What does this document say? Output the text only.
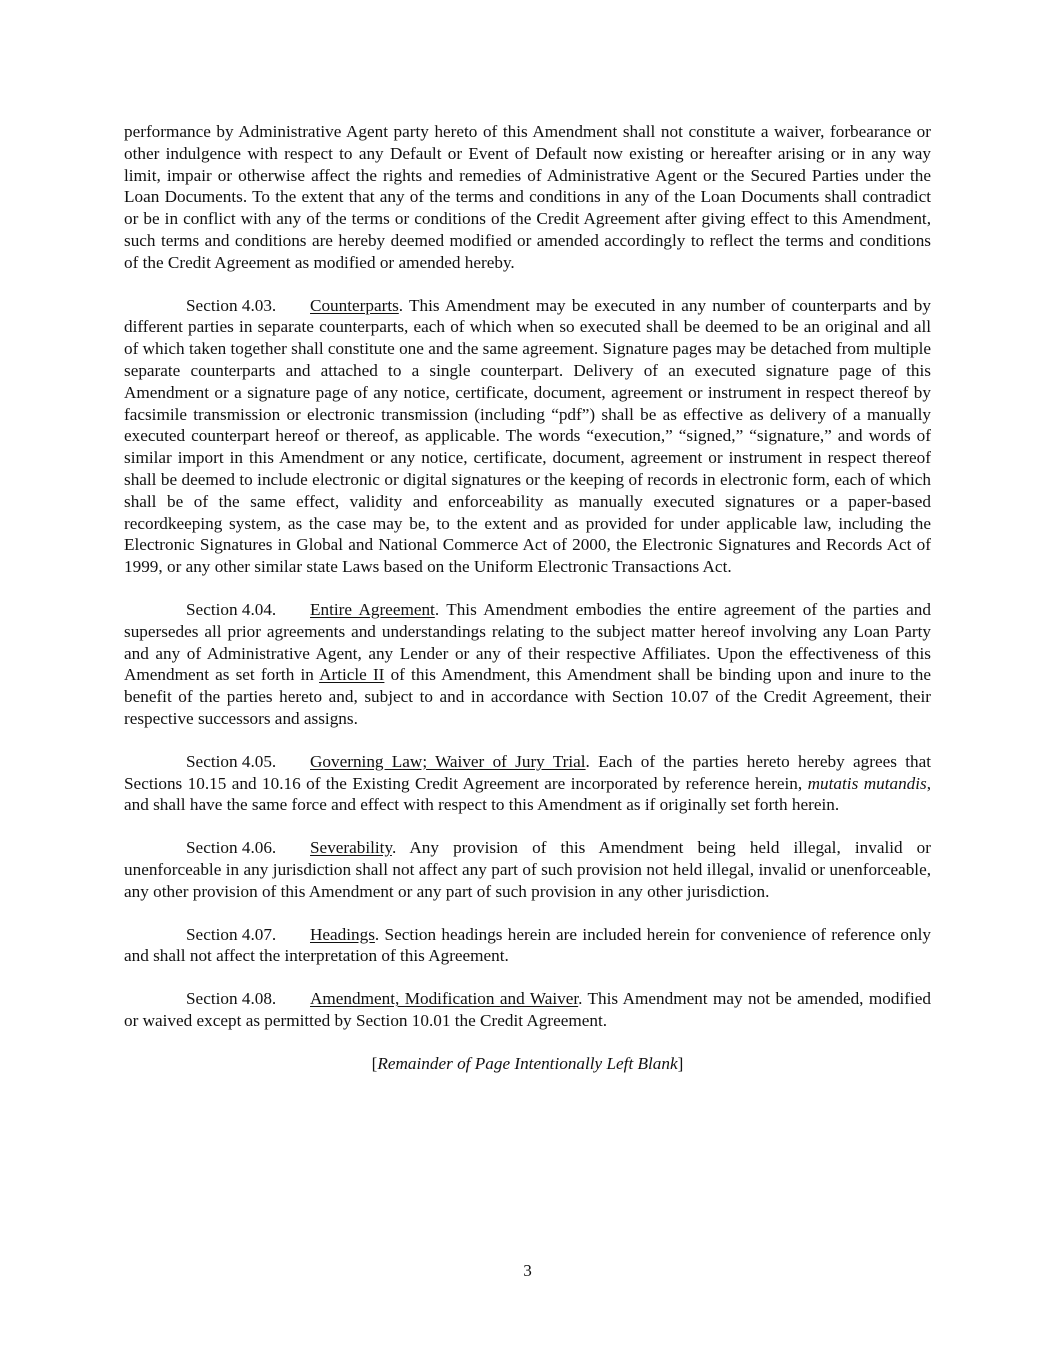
performance by Administrative Agent party hereto of this Amendment shall not constitute a waiver, forbearance or other indulgence with respect to any Default or Event of Default now existing or hereafter arising or in any way limit, impair or otherwise affect the rights and remedies of Administrative Agent or the Secured Parties under the Loan Documents. To the extent that any of the terms and conditions in any of the Loan Documents shall contradict or be in conflict with any of the terms or conditions of the Credit Agreement after giving effect to this Amendment, such terms and conditions are hereby deemed modified or amended accordingly to reflect the terms and conditions of the Credit Agreement as modified or amended hereby.

Section 4.03. Counterparts. This Amendment may be executed in any number of counterparts and by different parties in separate counterparts, each of which when so executed shall be deemed to be an original and all of which taken together shall constitute one and the same agreement. Signature pages may be detached from multiple separate counterparts and attached to a single counterpart. Delivery of an executed signature page of this Amendment or a signature page of any notice, certificate, document, agreement or instrument in respect thereof by facsimile transmission or electronic transmission (including “pdf”) shall be as effective as delivery of a manually executed counterpart hereof or thereof, as applicable. The words “execution,” “signed,” “signature,” and words of similar import in this Amendment or any notice, certificate, document, agreement or instrument in respect thereof shall be deemed to include electronic or digital signatures or the keeping of records in electronic form, each of which shall be of the same effect, validity and enforceability as manually executed signatures or a paper-based recordkeeping system, as the case may be, to the extent and as provided for under applicable law, including the Electronic Signatures in Global and National Commerce Act of 2000, the Electronic Signatures and Records Act of 1999, or any other similar state Laws based on the Uniform Electronic Transactions Act.

Section 4.04. Entire Agreement. This Amendment embodies the entire agreement of the parties and supersedes all prior agreements and understandings relating to the subject matter hereof involving any Loan Party and any of Administrative Agent, any Lender or any of their respective Affiliates. Upon the effectiveness of this Amendment as set forth in Article II of this Amendment, this Amendment shall be binding upon and inure to the benefit of the parties hereto and, subject to and in accordance with Section 10.07 of the Credit Agreement, their respective successors and assigns.

Section 4.05. Governing Law; Waiver of Jury Trial. Each of the parties hereto hereby agrees that Sections 10.15 and 10.16 of the Existing Credit Agreement are incorporated by reference herein, mutatis mutandis, and shall have the same force and effect with respect to this Amendment as if originally set forth herein.

Section 4.06. Severability. Any provision of this Amendment being held illegal, invalid or unenforceable in any jurisdiction shall not affect any part of such provision not held illegal, invalid or unenforceable, any other provision of this Amendment or any part of such provision in any other jurisdiction.

Section 4.07. Headings. Section headings herein are included herein for convenience of reference only and shall not affect the interpretation of this Agreement.

Section 4.08. Amendment, Modification and Waiver. This Amendment may not be amended, modified or waived except as permitted by Section 10.01 the Credit Agreement.

[Remainder of Page Intentionally Left Blank]

3
